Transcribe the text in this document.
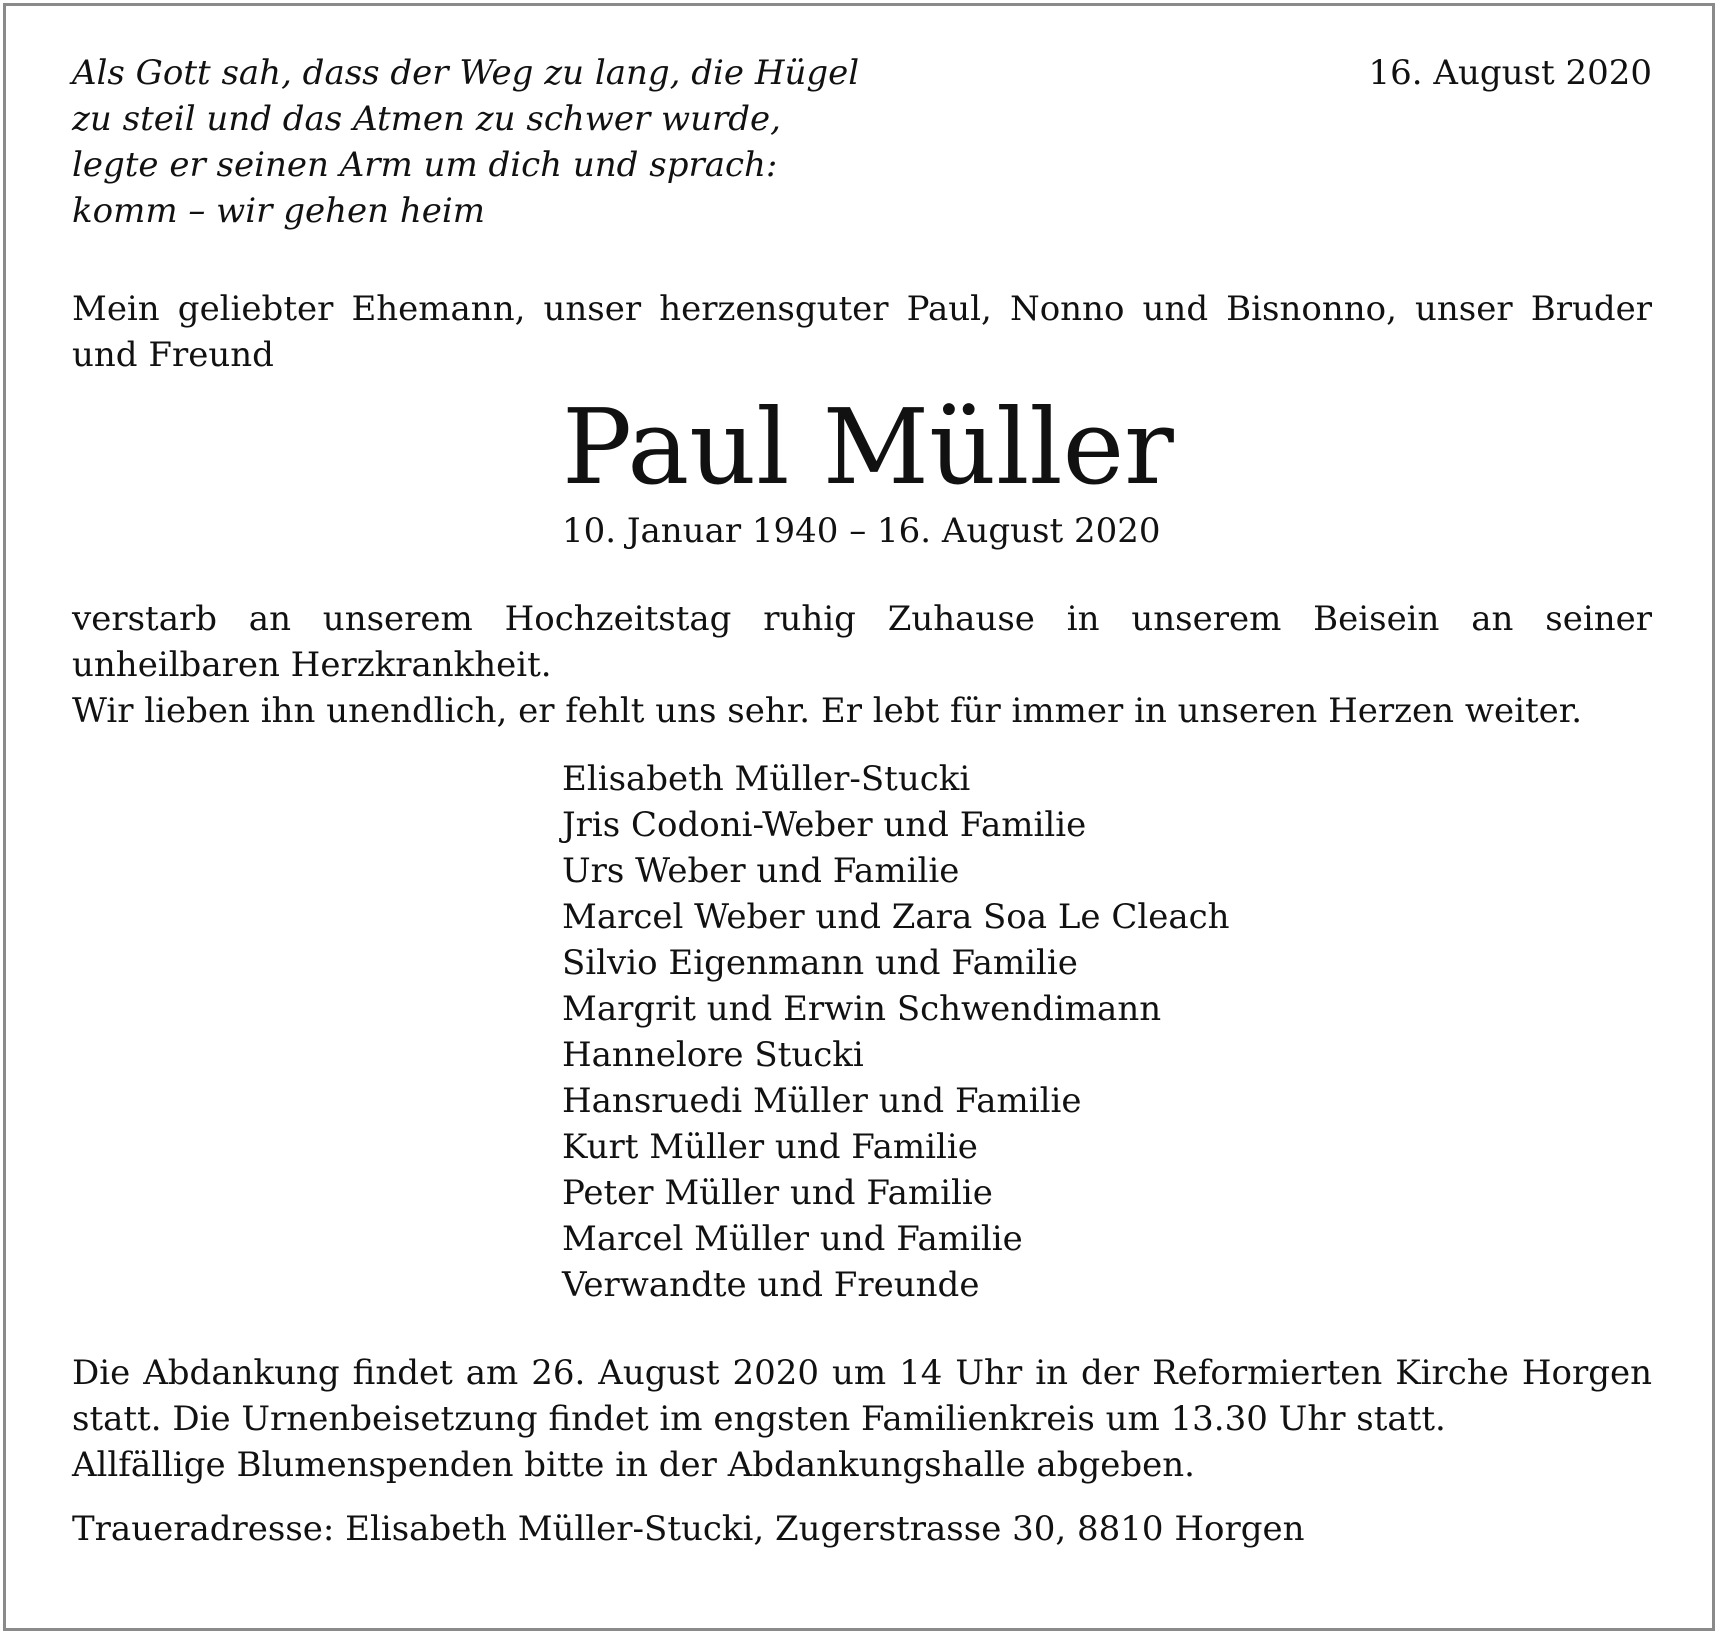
Als Gott sah, dass der Weg zu lang, die Hügel
zu steil und das Atmen zu schwer wurde,
legte er seinen Arm um dich und sprach:
komm – wir gehen heim
16. August 2020
Mein geliebter Ehemann, unser herzensguter Paul, Nonno und Bisnonno, unser Bruder und Freund
Paul Müller
10. Januar 1940 – 16. August 2020
verstarb an unserem Hochzeitstag ruhig Zuhause in unserem Beisein an seiner unheilbaren Herzkrankheit.
Wir lieben ihn unendlich, er fehlt uns sehr. Er lebt für immer in unseren Herzen weiter.
Elisabeth Müller-Stucki
Jris Codoni-Weber und Familie
Urs Weber und Familie
Marcel Weber und Zara Soa Le Cleach
Silvio Eigenmann und Familie
Margrit und Erwin Schwendimann
Hannelore Stucki
Hansruedi Müller und Familie
Kurt Müller und Familie
Peter Müller und Familie
Marcel Müller und Familie
Verwandte und Freunde
Die Abdankung findet am 26. August 2020 um 14 Uhr in der Reformierten Kirche Horgen
statt. Die Urnenbeisetzung findet im engsten Familienkreis um 13.30 Uhr statt.
Allfällige Blumenspenden bitte in der Abdankungshalle abgeben.
Traueradresse: Elisabeth Müller-Stucki, Zugerstrasse 30, 8810 Horgen
